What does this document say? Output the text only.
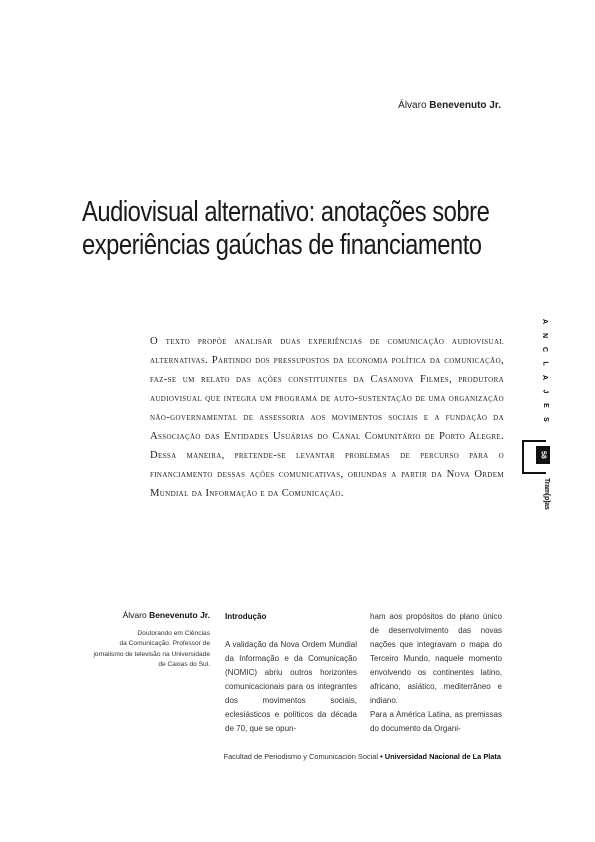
Álvaro Benevenuto Jr.
Audiovisual alternativo: anotações sobre
experiências gaúchas de financiamento
O texto propõe analisar duas experiências de comunicação audiovisual alternativas. Partindo dos pressupostos da economia política da comunicação, faz-se um relato das ações constituintes da Casanova Filmes, produtora audiovisual que integra um programa de auto-sustentação de uma organização não-governamental de assessoria aos movimentos sociais e a fundação da Associação das Entidades Usuárias do Canal Comunitário de Porto Alegre. Dessa maneira, pretende-se levantar problemas de percurso para o financiamento dessas ações comunicativas, oriundas a partir da Nova Ordem Mundial da Informação e da Comunicação.
A
N
C
L
A
J
E
S
58
Tram[p]as
Álvaro Benevenuto Jr.
Doutorando em Ciências
da Comunicação. Professor de
jornalismo de televisão na Universidade
de Caxias do Sul.
Introdução

A validação da Nova Ordem Mundial da Informação e da Comunicação (NOMIC) abriu outros horizontes comunicacionais para os integrantes dos movimentos sociais, eclesiásticos e políticos da década de 70, que se opun-

ham aos propósitos do plano único de desenvolvimento das novas nações que integravam o mapa do Terceiro Mundo, naquele momento envolvendo os continentes latino, africano, asiático, mediterrâneo e indiano.

Para a América Latina, as premissas do documento da Organi-

Facultad de Periodismo y Comunicación Social • Universidad Nacional de La Plata
